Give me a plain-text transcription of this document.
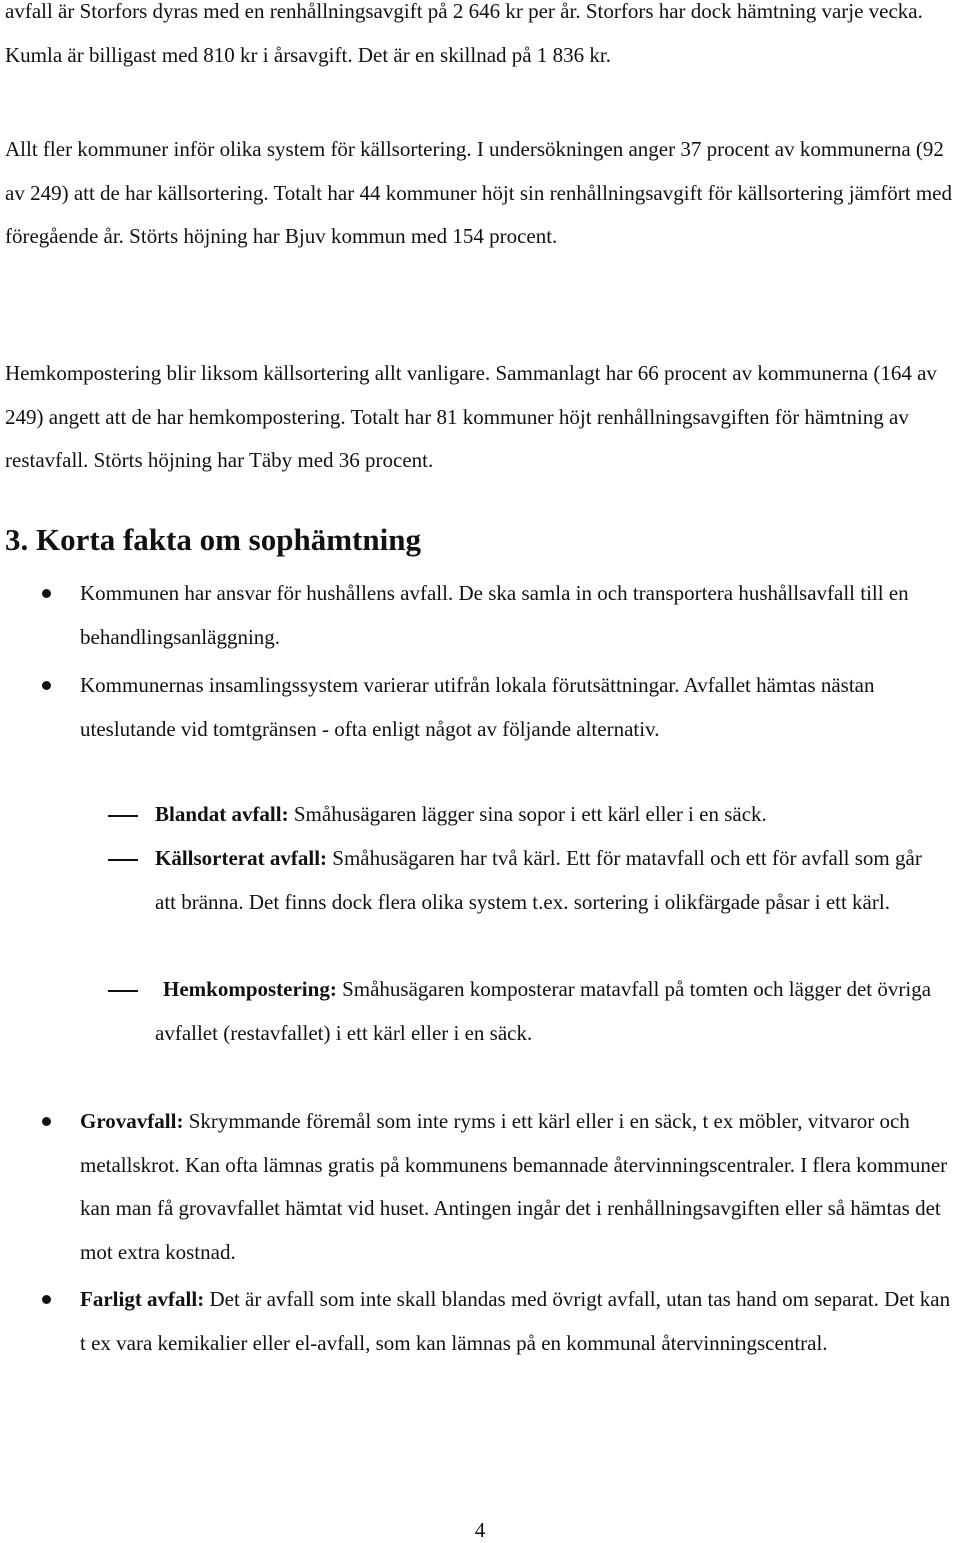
avfall är Storfors dyras med en renhållningsavgift på 2 646 kr per år. Storfors har dock hämtning varje vecka. Kumla är billigast med 810 kr i årsavgift. Det är en skillnad på 1 836 kr.

Allt fler kommuner inför olika system för källsortering. I undersökningen anger 37 procent av kommunerna (92 av 249) att de har källsortering. Totalt har 44 kommuner höjt sin renhållningsavgift för källsortering jämfört med föregående år. Störts höjning har Bjuv kommun med 154 procent.

Hemkompostering blir liksom källsortering allt vanligare. Sammanlagt har 66 procent av kommunerna (164 av 249) angett att de har hemkompostering. Totalt har 81 kommuner höjt renhållningsavgiften för hämtning av restavfall. Störts höjning har Täby med 36 procent.

3. Korta fakta om sophämtning

Kommunen har ansvar för hushållens avfall. De ska samla in och transportera hushållsavfall till en behandlingsanläggning.

Kommunernas insamlingssystem varierar utifrån lokala förutsättningar. Avfallet hämtas nästan uteslutande vid tomtgränsen - ofta enligt något av följande alternativ.

Blandat avfall: Småhusägaren lägger sina sopor i ett kärl eller i en säck.

Källsorterat avfall: Småhusägaren har två kärl. Ett för matavfall och ett för avfall som går att bränna. Det finns dock flera olika system t.ex. sortering i olikfärgade påsar i ett kärl.

Hemkompostering: Småhusägaren komposterar matavfall på tomten och lägger det övriga avfallet (restavfallet) i ett kärl eller i en säck.

Grovavfall: Skrymmande föremål som inte ryms i ett kärl eller i en säck, t ex möbler, vitvaror och metallskrot. Kan ofta lämnas gratis på kommunens bemannade återvinningscentraler. I flera kommuner kan man få grovavfallet hämtat vid huset. Antingen ingår det i renhållningsavgiften eller så hämtas det mot extra kostnad.

Farligt avfall: Det är avfall som inte skall blandas med övrigt avfall, utan tas hand om separat. Det kan t ex vara kemikalier eller el-avfall, som kan lämnas på en kommunal återvinningscentral.

4
